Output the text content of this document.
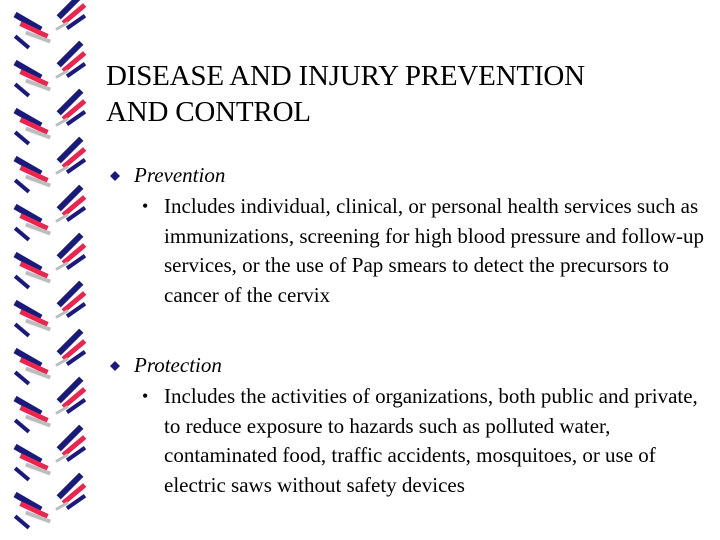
DISEASE AND INJURY PREVENTION
AND CONTROL
Prevention
• Includes individual, clinical, or personal health services such as immunizations, screening for high blood pressure and follow-up services, or the use of Pap smears to detect the precursors to cancer of the cervix
Protection
• Includes the activities of organizations, both public and private, to reduce exposure to hazards such as polluted water, contaminated food, traffic accidents, mosquitoes, or use of electric saws without safety devices
